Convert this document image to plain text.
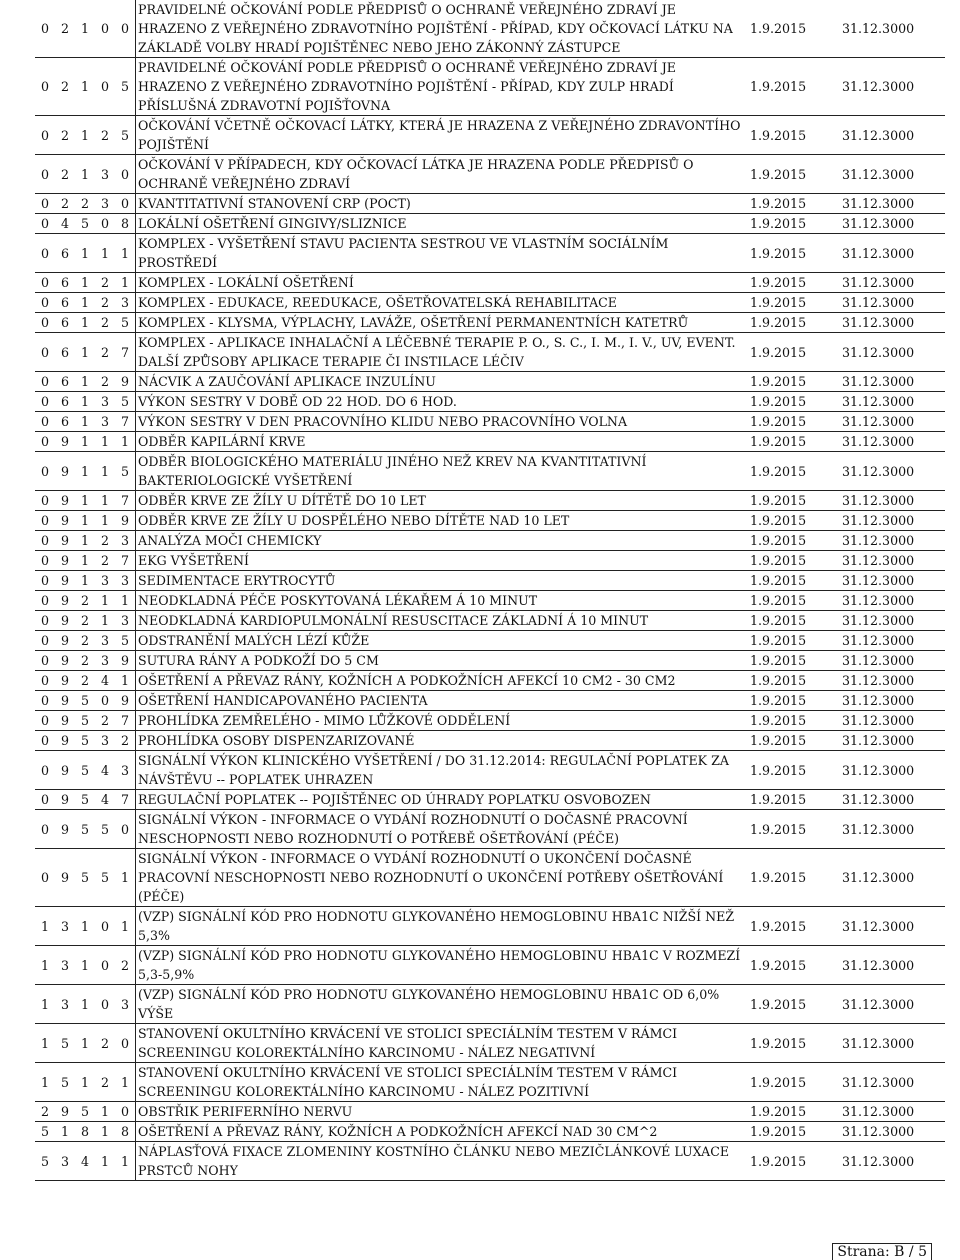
0	2	1	0	0	PRAVIDELNÉ OČKOVÁNÍ PODLE PŘEDPISŮ O OCHRANĚ VEŘEJNÉHO ZDRAVÍ JE HRAZENO Z VEŘEJNÉHO ZDRAVOTNÍHO POJIŠTĚNÍ - PŘÍPAD, KDY OČKOVACÍ LÁTKU NA ZÁKLADĚ VOLBY HRADÍ POJIŠTĚNEC NEBO JEHO ZÁKONNÝ ZÁSTUPCE	1.9.2015	31.12.3000
0	2	1	0	5	PRAVIDELNÉ OČKOVÁNÍ PODLE PŘEDPISŮ O OCHRANĚ VEŘEJNÉHO ZDRAVÍ JE HRAZENO Z VEŘEJNÉHO ZDRAVOTNÍHO POJIŠTĚNÍ - PŘÍPAD, KDY ZULP HRADÍ PŘÍSLUŠNÁ ZDRAVOTNÍ POJIŠŤOVNA	1.9.2015	31.12.3000
0	2	1	2	5	OČKOVÁNÍ VČETNĚ OČKOVACÍ LÁTKY, KTERÁ JE HRAZENA Z VEŘEJNÉHO ZDRAVONTÍHO POJIŠTĚNÍ	1.9.2015	31.12.3000
0	2	1	3	0	OČKOVÁNÍ V PŘÍPADECH, KDY OČKOVACÍ LÁTKA JE HRAZENA PODLE PŘEDPISŮ O OCHRANĚ VEŘEJNÉHO ZDRAVÍ	1.9.2015	31.12.3000
0	2	2	3	0	KVANTITATIVNÍ STANOVENÍ CRP (POCT)	1.9.2015	31.12.3000
0	4	5	0	8	LOKÁLNÍ OŠETŘENÍ GINGIVY/SLIZNICE	1.9.2015	31.12.3000
0	6	1	1	1	KOMPLEX - VYŠETŘENÍ STAVU PACIENTA SESTROU VE VLASTNÍM SOCIÁLNÍM PROSTŘEDÍ	1.9.2015	31.12.3000
0	6	1	2	1	KOMPLEX - LOKÁLNÍ OŠETŘENÍ	1.9.2015	31.12.3000
0	6	1	2	3	KOMPLEX - EDUKACE, REEDUKACE, OŠETŘOVATELSKÁ REHABILITACE	1.9.2015	31.12.3000
0	6	1	2	5	KOMPLEX - KLYSMA, VÝPLACHY, LAVÁŽE, OŠETŘENÍ PERMANENTNÍCH KATETRŮ	1.9.2015	31.12.3000
0	6	1	2	7	KOMPLEX - APLIKACE INHALAČNÍ A LÉČEBNÉ TERAPIE P. O., S. C., I. M., I. V., UV, EVENT. DALŠÍ ZPŮSOBY APLIKACE TERAPIE ČI INSTILACE LÉČIV	1.9.2015	31.12.3000
0	6	1	2	9	NÁCVIK A ZAUČOVÁNÍ APLIKACE INZULÍNU	1.9.2015	31.12.3000
0	6	1	3	5	VÝKON SESTRY V DOBĚ OD 22 HOD. DO 6 HOD.	1.9.2015	31.12.3000
0	6	1	3	7	VÝKON SESTRY V DEN PRACOVNÍHO KLIDU NEBO PRACOVNÍHO VOLNA	1.9.2015	31.12.3000
0	9	1	1	1	ODBĚR KAPILÁRNÍ KRVE	1.9.2015	31.12.3000
0	9	1	1	5	ODBĚR BIOLOGICKÉHO MATERIÁLU JINÉHO NEŽ KREV NA KVANTITATIVNÍ BAKTERIOLOGICKÉ VYŠETŘENÍ	1.9.2015	31.12.3000
0	9	1	1	7	ODBĚR KRVE ZE ŽÍLY U DÍTĚTĚ DO 10 LET	1.9.2015	31.12.3000
0	9	1	1	9	ODBĚR KRVE ZE ŽÍLY U DOSPĚLÉHO NEBO DÍTĚTE NAD 10 LET	1.9.2015	31.12.3000
0	9	1	2	3	ANALÝZA MOČI CHEMICKY	1.9.2015	31.12.3000
0	9	1	2	7	EKG VYŠETŘENÍ	1.9.2015	31.12.3000
0	9	1	3	3	SEDIMENTACE ERYTROCYTŮ	1.9.2015	31.12.3000
0	9	2	1	1	NEODKLADNÁ PÉČE POSKYTOVANÁ LÉKAŘEM Á 10 MINUT	1.9.2015	31.12.3000
0	9	2	1	3	NEODKLADNÁ KARDIOPULMONÁLNÍ RESUSCITACE ZÁKLADNÍ Á 10 MINUT	1.9.2015	31.12.3000
0	9	2	3	5	ODSTRANĚNÍ MALÝCH LÉZÍ KŮŽE	1.9.2015	31.12.3000
0	9	2	3	9	SUTURA RÁNY A PODKOŽÍ DO 5 CM	1.9.2015	31.12.3000
0	9	2	4	1	OŠETŘENÍ A PŘEVAZ RÁNY, KOŽNÍCH A PODKOŽNÍCH AFEKCÍ 10 CM2 - 30 CM2	1.9.2015	31.12.3000
0	9	5	0	9	OŠETŘENÍ HANDICAPOVANÉHO PACIENTA	1.9.2015	31.12.3000
0	9	5	2	7	PROHLÍDKA ZEMŘELÉHO - MIMO LŮŽKOVÉ ODDĚLENÍ	1.9.2015	31.12.3000
0	9	5	3	2	PROHLÍDKA OSOBY DISPENZARIZOVANÉ	1.9.2015	31.12.3000
0	9	5	4	3	SIGNÁLNÍ VÝKON KLINICKÉHO VYŠETŘENÍ / DO 31.12.2014: REGULAČNÍ POPLATEK ZA NÁVŠTĚVU -- POPLATEK UHRAZEN	1.9.2015	31.12.3000
0	9	5	4	7	REGULAČNÍ POPLATEK -- POJIŠTĚNEC OD ÚHRADY POPLATKU OSVOBOZEN	1.9.2015	31.12.3000
0	9	5	5	0	SIGNÁLNÍ VÝKON - INFORMACE O VYDÁNÍ ROZHODNUTÍ O DOČASNÉ PRACOVNÍ NESCHOPNOSTI NEBO ROZHODNUTÍ O POTŘEBĚ OŠETŘOVÁNÍ (PÉČE)	1.9.2015	31.12.3000
0	9	5	5	1	SIGNÁLNÍ VÝKON - INFORMACE O VYDÁNÍ ROZHODNUTÍ O UKONČENÍ DOČASNÉ PRACOVNÍ NESCHOPNOSTI NEBO ROZHODNUTÍ O UKONČENÍ POTŘEBY OŠETŘOVÁNÍ (PÉČE)	1.9.2015	31.12.3000
1	3	1	0	1	(VZP) SIGNÁLNÍ KÓD PRO HODNOTU GLYKOVANÉHO HEMOGLOBINU HBA1C NIŽŠÍ NEŽ 5,3%	1.9.2015	31.12.3000
1	3	1	0	2	(VZP) SIGNÁLNÍ KÓD PRO HODNOTU GLYKOVANÉHO HEMOGLOBINU HBA1C V ROZMEZÍ 5,3-5,9%	1.9.2015	31.12.3000
1	3	1	0	3	(VZP) SIGNÁLNÍ KÓD PRO HODNOTU GLYKOVANÉHO HEMOGLOBINU HBA1C OD 6,0% VÝŠE	1.9.2015	31.12.3000
1	5	1	2	0	STANOVENÍ OKULTNÍHO KRVÁCENÍ VE STOLICI SPECIÁLNÍM TESTEM V RÁMCI SCREENINGU KOLOREKTÁLNÍHO KARCINOMU - NÁLEZ NEGATIVNÍ	1.9.2015	31.12.3000
1	5	1	2	1	STANOVENÍ OKULTNÍHO KRVÁCENÍ VE STOLICI SPECIÁLNÍM TESTEM V RÁMCI SCREENINGU KOLOREKTÁLNÍHO KARCINOMU - NÁLEZ POZITIVNÍ	1.9.2015	31.12.3000
2	9	5	1	0	OBSTŘIK PERIFERNÍHO NERVU	1.9.2015	31.12.3000
5	1	8	1	8	OŠETŘENÍ A PŘEVAZ RÁNY, KOŽNÍCH A PODKOŽNÍCH AFEKCÍ NAD 30 CM^2	1.9.2015	31.12.3000
5	3	4	1	1	NÁPLASŤOVÁ FIXACE ZLOMENINY KOSTNÍHO ČLÁNKU NEBO MEZIČLÁNKOVÉ LUXACE PRSTCŮ NOHY	1.9.2015	31.12.3000
Strana: B / 5
